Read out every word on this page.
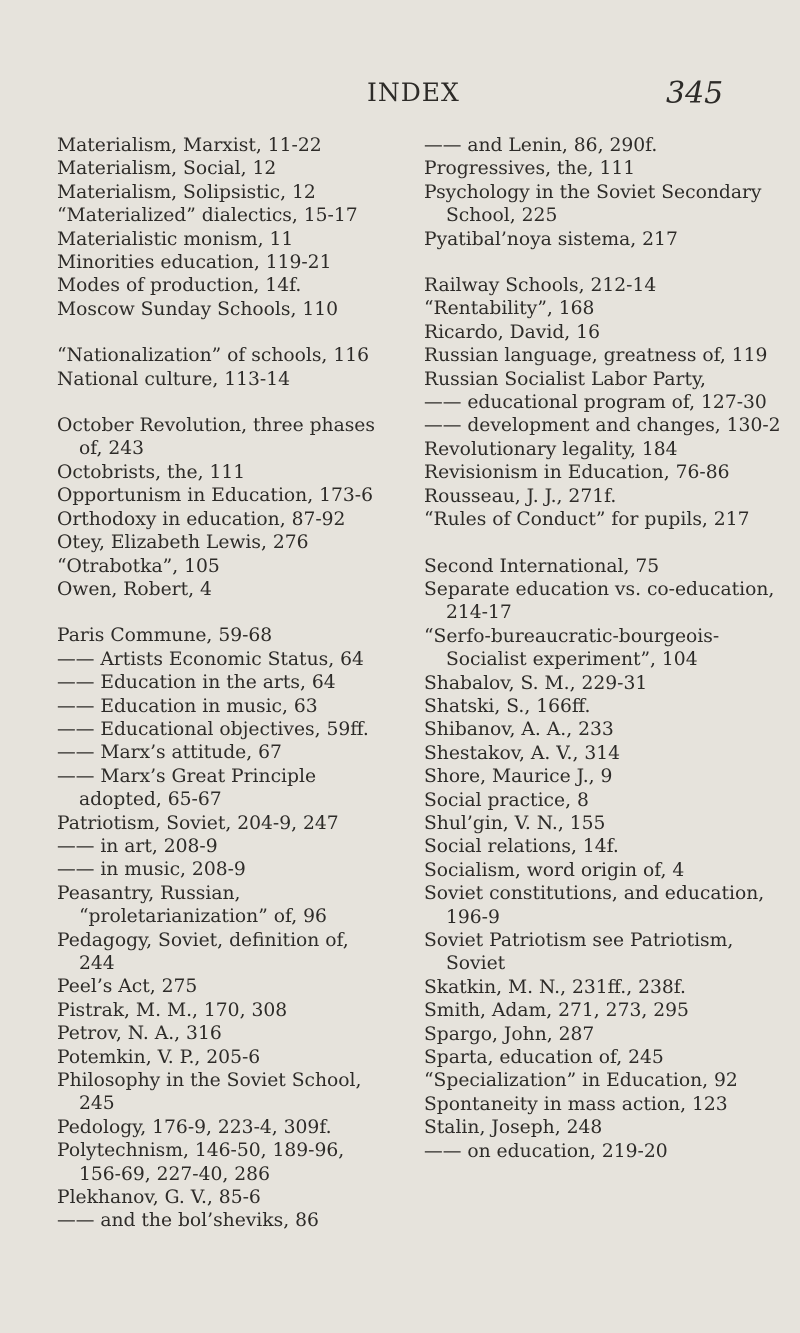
INDEX	345
Materialism, Marxist, 11-22
Materialism, Social, 12
Materialism, Solipsistic, 12
“Materialized” dialectics, 15-17
Materialistic monism, 11
Minorities education, 119-21
Modes of production, 14f.
Moscow Sunday Schools, 110
“Nationalization” of schools, 116
National culture, 113-14
October Revolution, three phases of, 243
Octobrists, the, 111
Opportunism in Education, 173-6
Orthodoxy in education, 87-92
Otey, Elizabeth Lewis, 276
“Otrabotka”, 105
Owen, Robert, 4
Paris Commune, 59-68
—— Artists Economic Status, 64
—— Education in the arts, 64
—— Education in music, 63
—— Educational objectives, 59ff.
—— Marx’s attitude, 67
—— Marx’s Great Principle adopted, 65-67
Patriotism, Soviet, 204-9, 247
—— in art, 208-9
—— in music, 208-9
Peasantry, Russian, “proletarianization” of, 96
Pedagogy, Soviet, definition of, 244
Peel’s Act, 275
Pistrak, M. M., 170, 308
Petrov, N. A., 316
Potemkin, V. P., 205-6
Philosophy in the Soviet School, 245
Pedology, 176-9, 223-4, 309f.
Polytechnism, 146-50, 189-96, 156-69, 227-40, 286
Plekhanov, G. V., 85-6
—— and the bol’sheviks, 86
—— and Lenin, 86, 290f.
Progressives, the, 111
Psychology in the Soviet Secondary School, 225
Pyatibal’noya sistema, 217
Railway Schools, 212-14
“Rentability”, 168
Ricardo, David, 16
Russian language, greatness of, 119
Russian Socialist Labor Party,
—— educational program of, 127-30
—— development and changes, 130-2
Revolutionary legality, 184
Revisionism in Education, 76-86
Rousseau, J. J., 271f.
“Rules of Conduct” for pupils, 217
Second International, 75
Separate education vs. co-education, 214-17
“Serfo-bureaucratic-bourgeois-Socialist experiment”, 104
Shabalov, S. M., 229-31
Shatski, S., 166ff.
Shibanov, A. A., 233
Shestakov, A. V., 314
Shore, Maurice J., 9
Social practice, 8
Shul’gin, V. N., 155
Social relations, 14f.
Socialism, word origin of, 4
Soviet constitutions, and education, 196-9
Soviet Patriotism see Patriotism, Soviet
Skatkin, M. N., 231ff., 238f.
Smith, Adam, 271, 273, 295
Spargo, John, 287
Sparta, education of, 245
“Specialization” in Education, 92
Spontaneity in mass action, 123
Stalin, Joseph, 248
—— on education, 219-20
